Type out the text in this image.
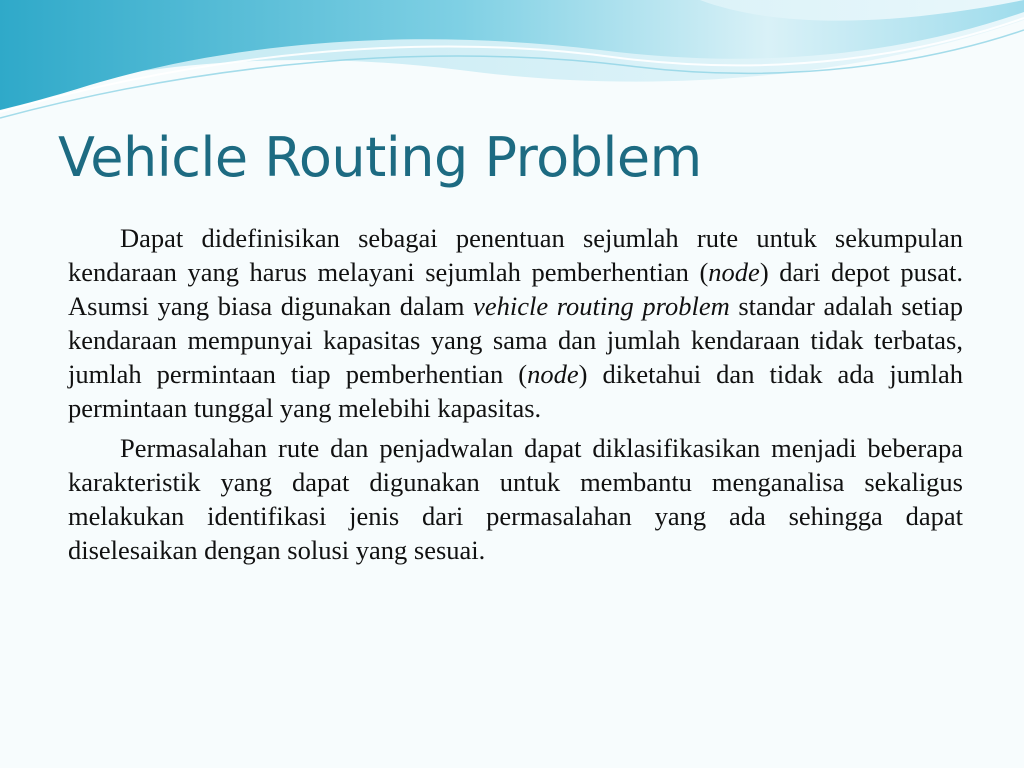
Vehicle Routing Problem

Dapat didefinisikan sebagai penentuan sejumlah rute untuk sekumpulan kendaraan yang harus melayani sejumlah pemberhentian (node) dari depot pusat. Asumsi yang biasa digunakan dalam vehicle routing problem standar adalah setiap kendaraan mempunyai kapasitas yang sama dan jumlah kendaraan tidak terbatas, jumlah permintaan tiap pemberhentian (node) diketahui dan tidak ada jumlah permintaan tunggal yang melebihi kapasitas.

Permasalahan rute dan penjadwalan dapat diklasifikasikan menjadi beberapa karakteristik yang dapat digunakan untuk membantu menganalisa sekaligus melakukan identifikasi jenis dari permasalahan yang ada sehingga dapat diselesaikan dengan solusi yang sesuai.
